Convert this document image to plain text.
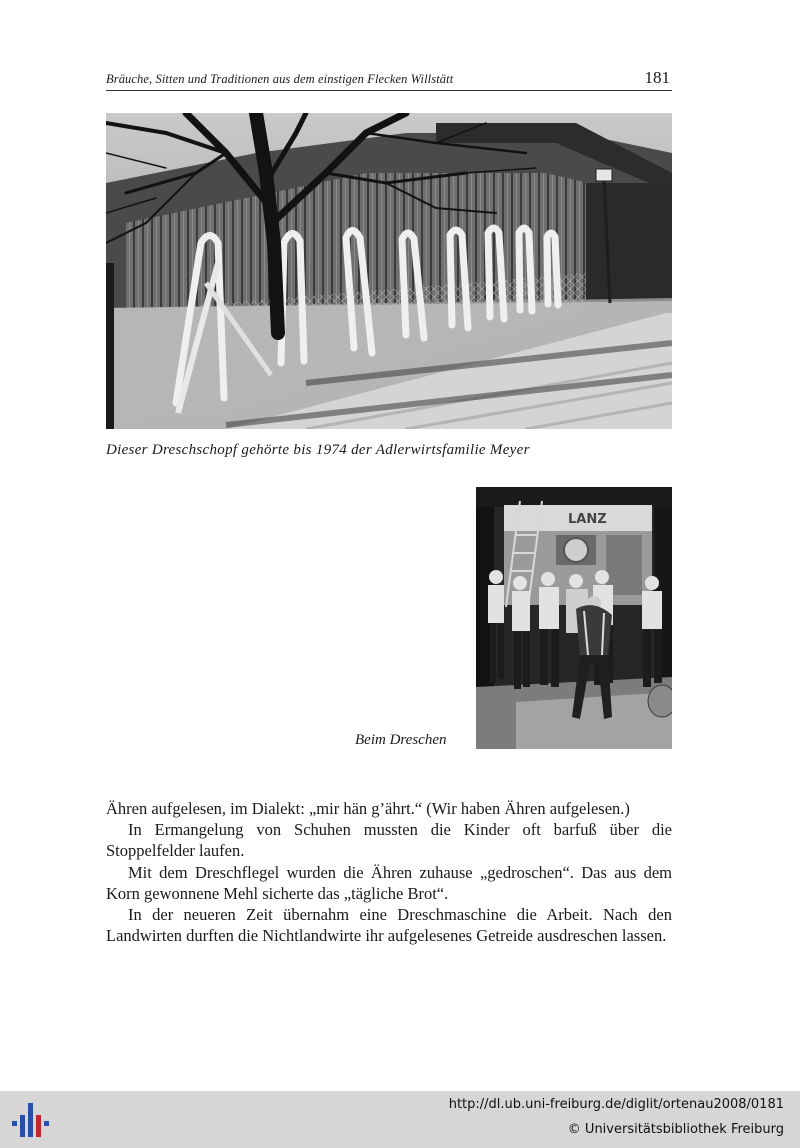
Bräuche, Sitten und Traditionen aus dem einstigen Flecken Willstätt	181
Dieser Dreschschopf gehörte bis 1974 der Adlerwirtsfamilie Meyer
LANZ
Beim Dreschen

Ähren aufgelesen, im Dialekt: „mir hän g’ährt.“ (Wir haben Ähren aufgelesen.)

In Ermangelung von Schuhen mussten die Kinder oft barfuß über die Stoppelfelder laufen.

Mit dem Dreschflegel wurden die Ähren zuhause „gedroschen“. Das aus dem Korn gewonnene Mehl sicherte das „tägliche Brot“.

In der neueren Zeit übernahm eine Dreschmaschine die Arbeit. Nach den Landwirten durften die Nichtlandwirte ihr aufgelesenes Getreide ausdreschen lassen.

http://dl.ub.uni-freiburg.de/diglit/ortenau2008/0181
© Universitätsbibliothek Freiburg
